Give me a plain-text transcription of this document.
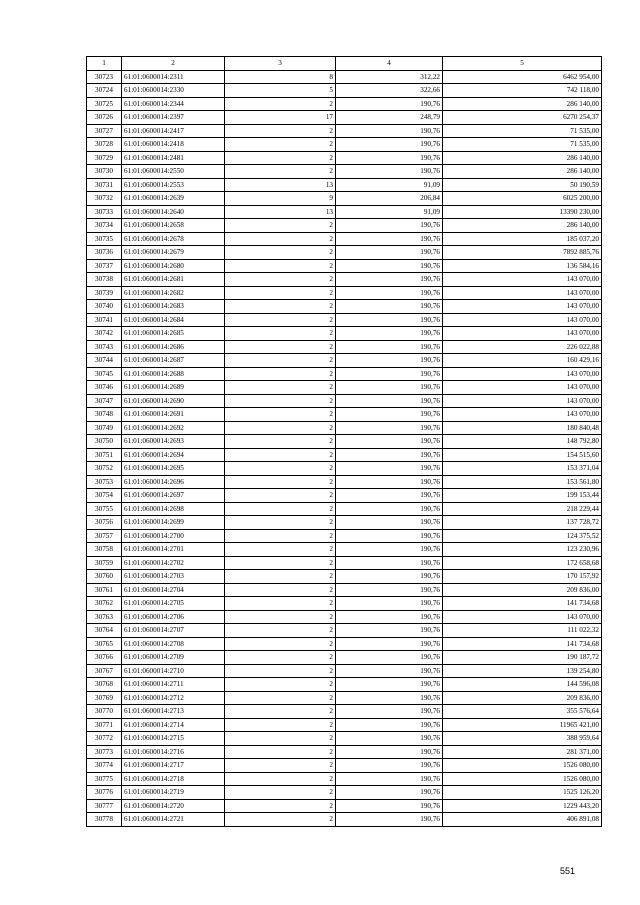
1	2	3	4	5
30723	61:01:0600014:2311	8	312,22	6462 954,00
30724	61:01:0600014:2330	5	322,66	742 118,00
30725	61:01:0600014:2344	2	190,76	286 140,00
30726	61:01:0600014:2397	17	248,79	6270 254,37
30727	61:01:0600014:2417	2	190,76	71 535,00
30728	61:01:0600014:2418	2	190,76	71 535,00
30729	61:01:0600014:2481	2	190,76	286 140,00
30730	61:01:0600014:2550	2	190,76	286 140,00
30731	61:01:0600014:2553	13	91,09	50 190,59
30732	61:01:0600014:2639	9	206,84	6025 200,00
30733	61:01:0600014:2640	13	91,09	13390 230,00
30734	61:01:0600014:2658	2	190,76	286 140,00
30735	61:01:0600014:2678	2	190,76	185 037,20
30736	61:01:0600014:2679	2	190,76	7892 885,76
30737	61:01:0600014:2680	2	190,76	136 584,16
30738	61:01:0600014:2681	2	190,76	143 070,00
30739	61:01:0600014:2682	2	190,76	143 070,00
30740	61:01:0600014:2683	2	190,76	143 070,00
30741	61:01:0600014:2684	2	190,76	143 070,00
30742	61:01:0600014:2685	2	190,76	143 070,00
30743	61:01:0600014:2686	2	190,76	226 022,88
30744	61:01:0600014:2687	2	190,76	160 429,16
30745	61:01:0600014:2688	2	190,76	143 070,00
30746	61:01:0600014:2689	2	190,76	143 070,00
30747	61:01:0600014:2690	2	190,76	143 070,00
30748	61:01:0600014:2691	2	190,76	143 070,00
30749	61:01:0600014:2692	2	190,76	180 840,48
30750	61:01:0600014:2693	2	190,76	148 792,80
30751	61:01:0600014:2694	2	190,76	154 515,60
30752	61:01:0600014:2695	2	190,76	153 371,04
30753	61:01:0600014:2696	2	190,76	153 561,80
30754	61:01:0600014:2697	2	190,76	199 153,44
30755	61:01:0600014:2698	2	190,76	218 229,44
30756	61:01:0600014:2699	2	190,76	137 728,72
30757	61:01:0600014:2700	2	190,76	124 375,52
30758	61:01:0600014:2701	2	190,76	123 230,96
30759	61:01:0600014:2702	2	190,76	172 658,68
30760	61:01:0600014:2703	2	190,76	170 157,92
30761	61:01:0600014:2704	2	190,76	209 836,00
30762	61:01:0600014:2705	2	190,76	141 734,68
30763	61:01:0600014:2706	2	190,76	143 070,00
30764	61:01:0600014:2707	2	190,76	111 022,32
30765	61:01:0600014:2708	2	190,76	141 734,68
30766	61:01:0600014:2709	2	190,76	190 187,72
30767	61:01:0600014:2710	2	190,76	139 254,80
30768	61:01:0600014:2711	2	190,76	144 596,08
30769	61:01:0600014:2712	2	190,76	209 836,00
30770	61:01:0600014:2713	2	190,76	355 576,64
30771	61:01:0600014:2714	2	190,76	11965 421,00
30772	61:01:0600014:2715	2	190,76	388 959,64
30773	61:01:0600014:2716	2	190,76	281 371,00
30774	61:01:0600014:2717	2	190,76	1526 080,00
30775	61:01:0600014:2718	2	190,76	1526 080,00
30776	61:01:0600014:2719	2	190,76	1525 126,20
30777	61:01:0600014:2720	2	190,76	1229 443,20
30778	61:01:0600014:2721	2	190,76	406 891,08
551
